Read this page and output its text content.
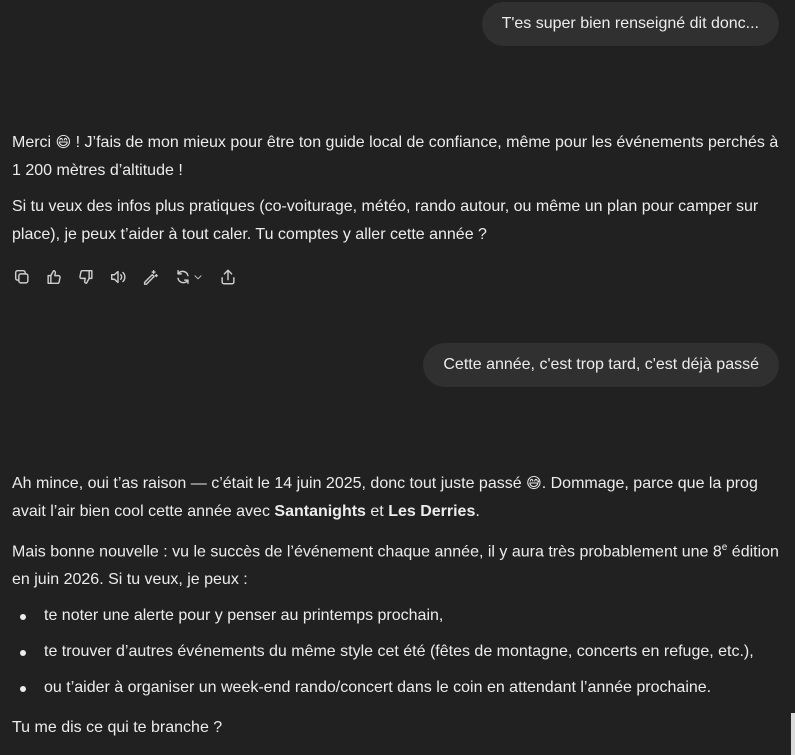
T'es super bien renseigné dit donc...

Merci 😄 ! J’fais de mon mieux pour être ton guide local de confiance, même pour les événements perchés à 1 200 mètres d’altitude !

Si tu veux des infos plus pratiques (co-voiturage, météo, rando autour, ou même un plan pour camper sur place), je peux t’aider à tout caler. Tu comptes y aller cette année ?

Cette année, c'est trop tard, c'est déjà passé

Ah mince, oui t’as raison — c’était le 14 juin 2025, donc tout juste passé 😅. Dommage, parce que la prog avait l’air bien cool cette année avec Santanights et Les Derries.

Mais bonne nouvelle : vu le succès de l’événement chaque année, il y aura très probablement une 8e édition en juin 2026. Si tu veux, je peux :

te noter une alerte pour y penser au printemps prochain,
te trouver d’autres événements du même style cet été (fêtes de montagne, concerts en refuge, etc.),
ou t’aider à organiser un week-end rando/concert dans le coin en attendant l’année prochaine.

Tu me dis ce qui te branche ?
